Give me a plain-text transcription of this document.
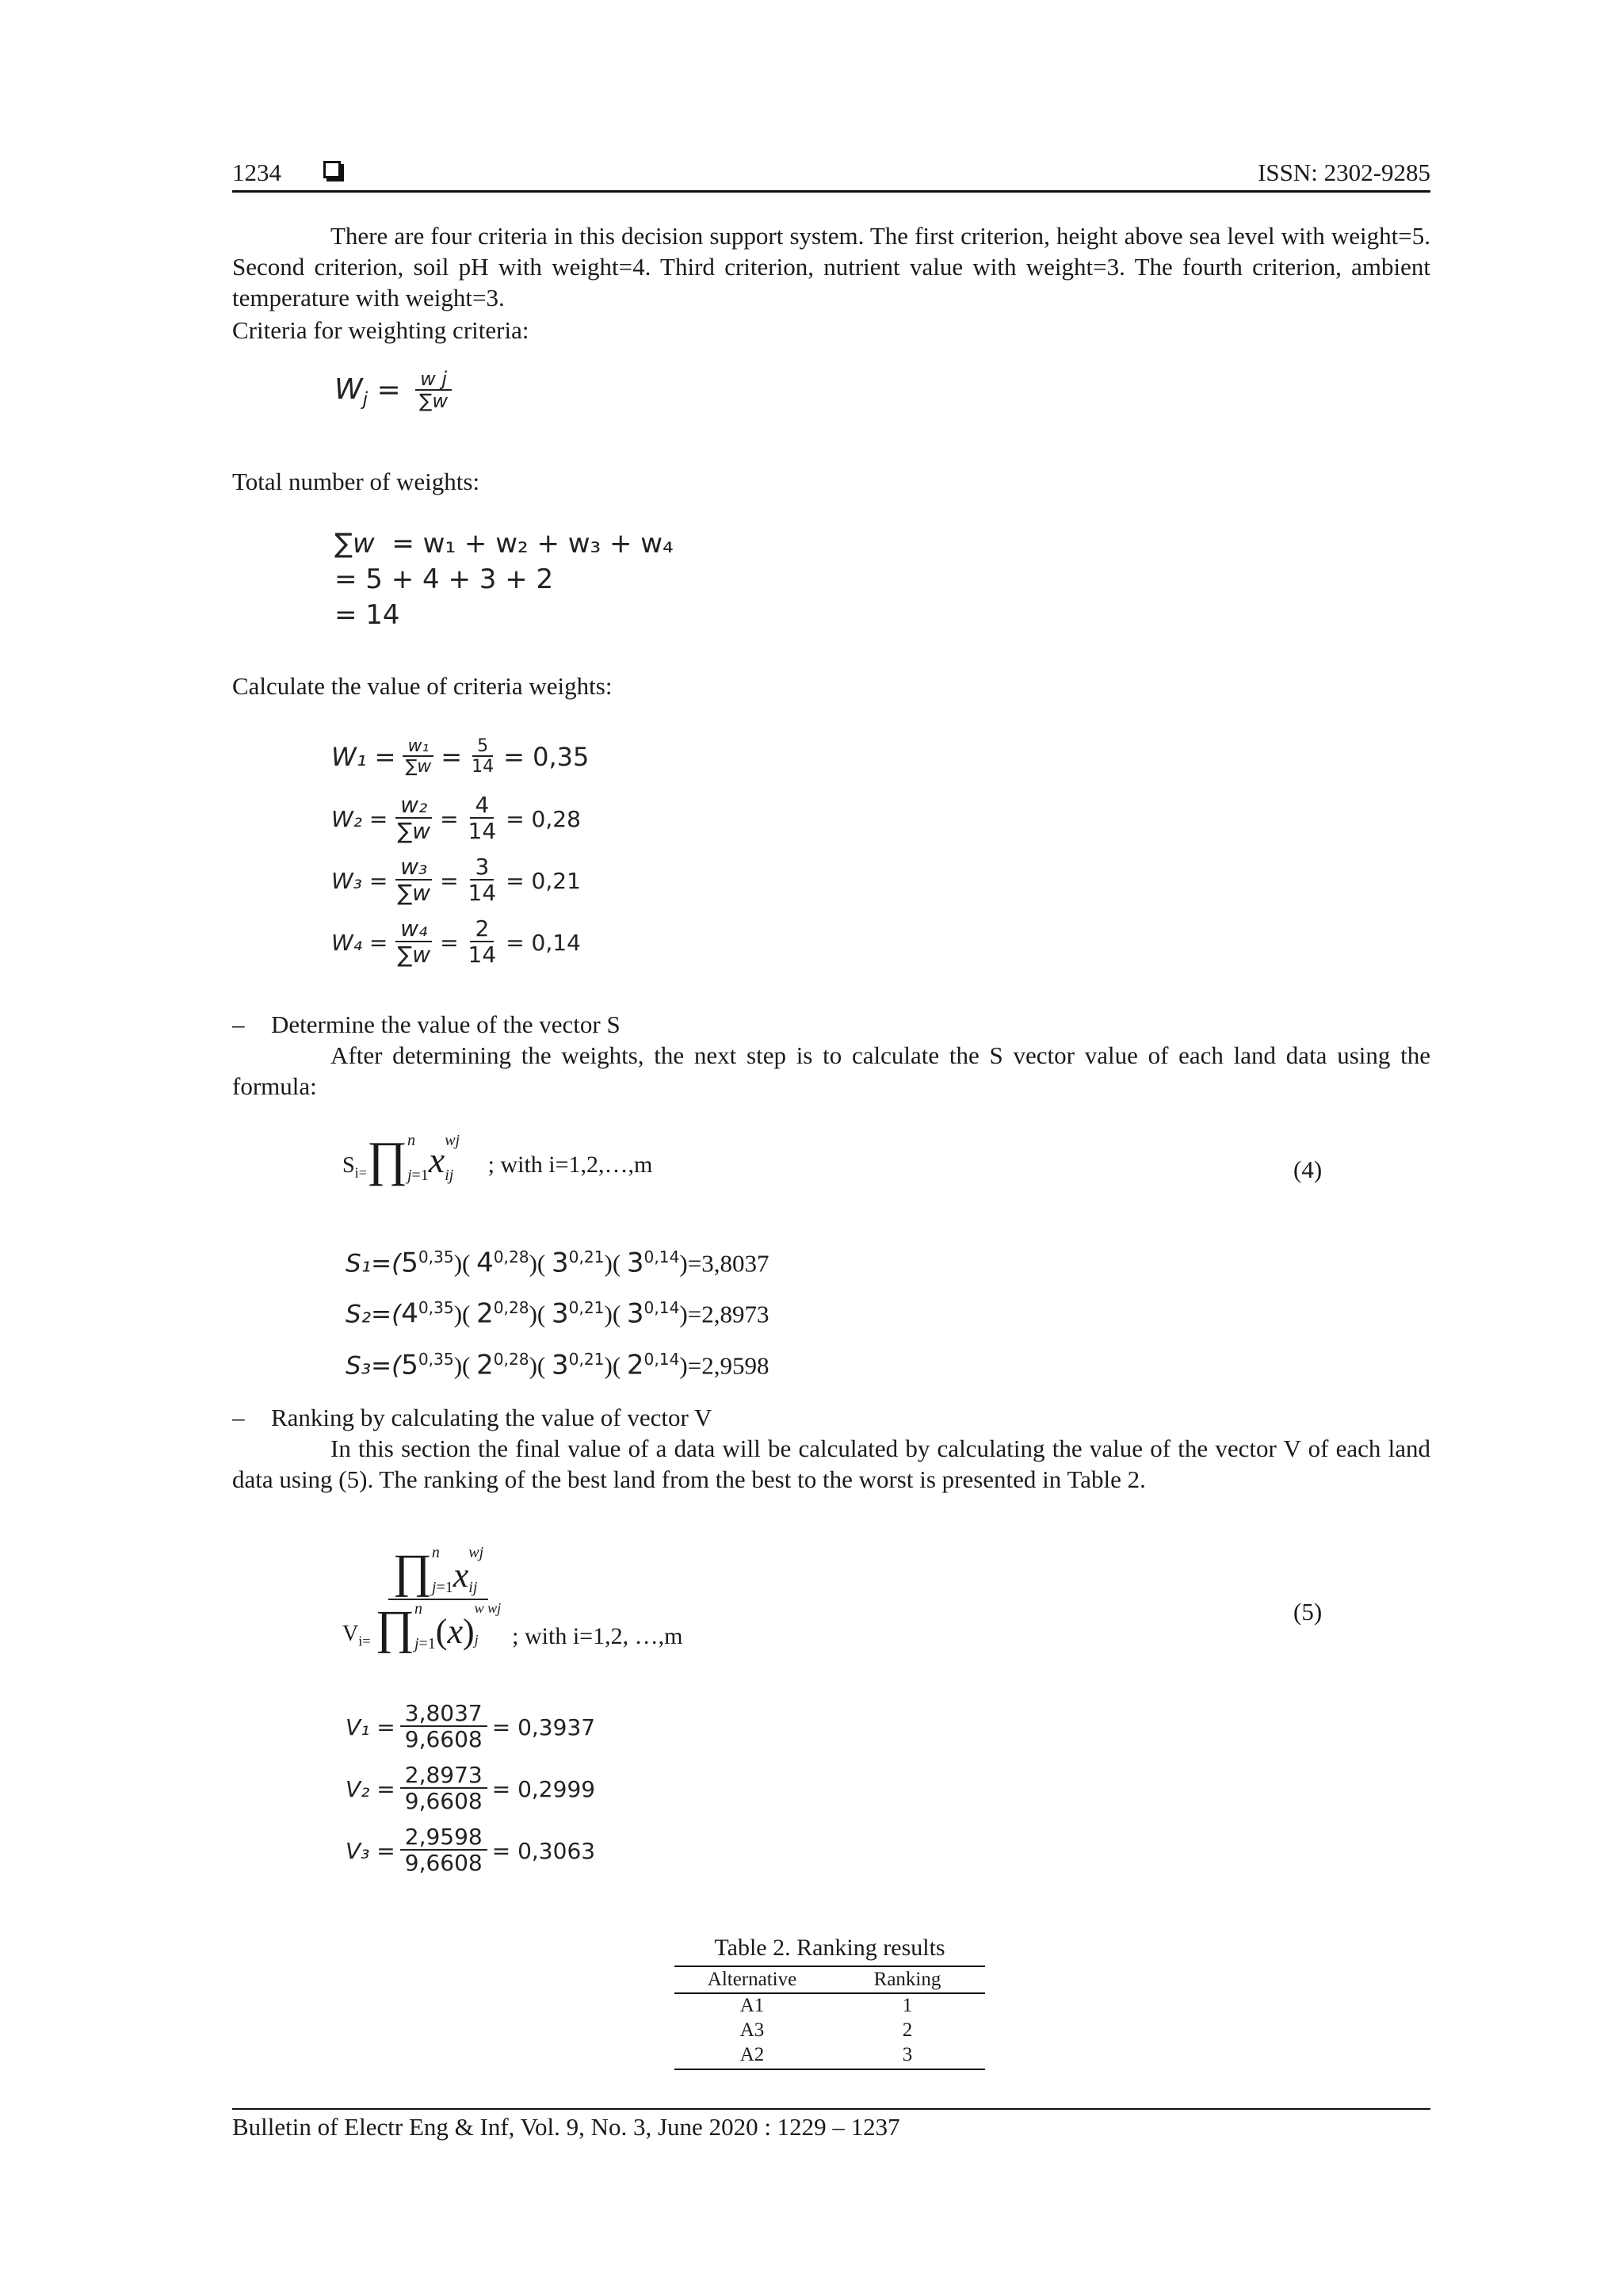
1234	ISSN: 2302-9285
There are four criteria in this decision support system. The first criterion, height above sea level with weight=5. Second criterion, soil pH with weight=4. Third criterion, nutrient value with weight=3. The fourth criterion, ambient temperature with weight=3.
Criteria for weighting criteria:
$W_j = \frac{\text{w j}}{\sum w}$
Total number of weights:
∑w = w₁ + w₂ + w₃ + w₄
= 5 + 4 + 3 + 2
= 14
Calculate the value of criteria weights:
$W_1 = \frac{\text{w₁}}{\sum w} = \frac{5}{14} = 0,35$
$W_2 = \frac{\text{w₂}}{\sum w} = \frac{4}{14} = 0,28$
$W_3 = \frac{\text{w₃}}{\sum w} = \frac{3}{14} = 0,21$
$W_4 = \frac{\text{w₄}}{\sum w} = \frac{2}{14} = 0,14$
– Determine the value of the vector S
After determining the weights, the next step is to calculate the S vector value of each land data using the formula:
$S_{i=}\prod n$

j=1xwj

ij ; with i=1,2,…,m	(4)
$S_1=(5^{0,35})$( 4$^{0,28}$)( 3$^{0,21}$)( $3^{0,14})=3,8037$
$S_2=(4^{0,35})$( 2$^{0,28}$)( 3$^{0,21}$)( $3^{0,14})=2,8973$
$S_3=(5^{0,35})$( 2$^{0,28}$)( 3$^{0,21}$)( $2^{0,14})=2,9598$
– Ranking by calculating the value of vector V
In this section the final value of a data will be calculated by calculating the value of the vector V of each land data using (5). The ranking of the best land from the best to the worst is presented in Table 2.
$V_{i=}$
∏n

j=1xwj

ij
∏n

j=1(x)w wj

j	; with i=1,2, …,m
(5)
$V_1 = \frac{3,8037}{9,6608} = 0,3937$
$V_2 = \frac{2,8973}{9,6608} = 0,2999$
$V_3 = \frac{2,9598}{9,6608} = 0,3063$
Table 2. Ranking results
Alternative	Ranking
A1	1
A3	2
A2	3
Bulletin of Electr Eng & Inf, Vol. 9, No. 3, June 2020 : 1229 – 1237
